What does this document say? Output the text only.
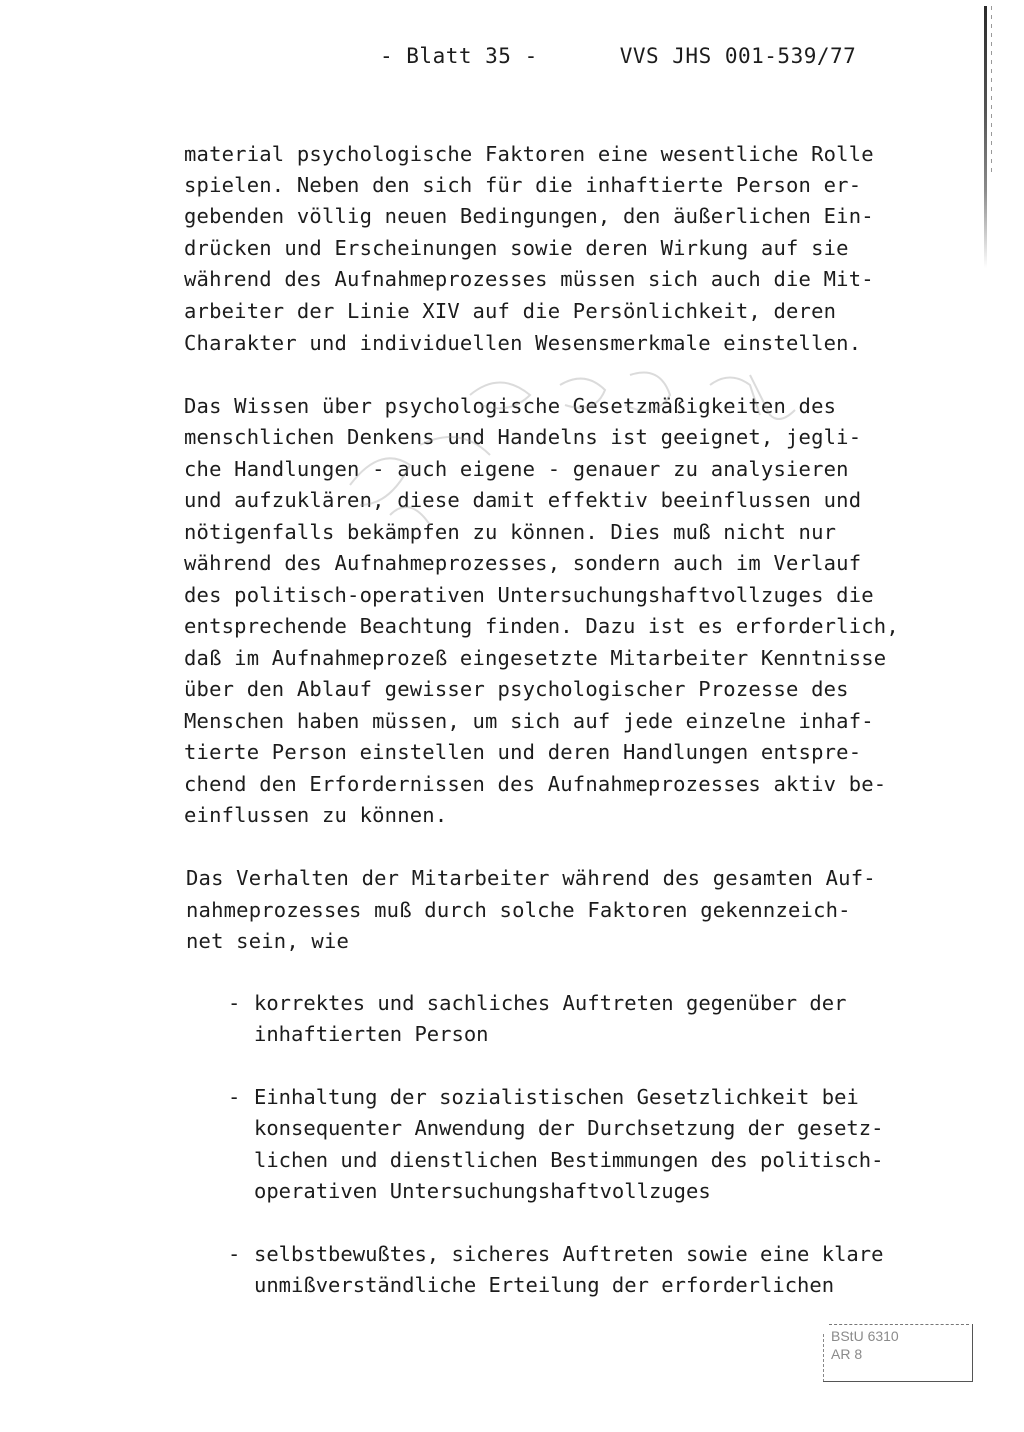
- Blatt 35 -	VVS JHS 001-539/77
material psychologische Faktoren eine wesentliche Rolle
spielen. Neben den sich für die inhaftierte Person er-
gebenden völlig neuen Bedingungen, den äußerlichen Ein-
drücken und Erscheinungen sowie deren Wirkung auf sie
während des Aufnahmeprozesses müssen sich auch die Mit-
arbeiter der Linie XIV auf die Persönlichkeit, deren
Charakter und individuellen Wesensmerkmale einstellen.
Das Wissen über psychologische Gesetzmäßigkeiten des
menschlichen Denkens und Handelns ist geeignet, jegli-
che Handlungen - auch eigene - genauer zu analysieren
und aufzuklären, diese damit effektiv beeinflussen und
nötigenfalls bekämpfen zu können. Dies muß nicht nur
während des Aufnahmeprozesses, sondern auch im Verlauf
des politisch-operativen Untersuchungshaftvollzuges die
entsprechende Beachtung finden. Dazu ist es erforderlich,
daß im Aufnahmeprozeß eingesetzte Mitarbeiter Kenntnisse
über den Ablauf gewisser psychologischer Prozesse des
Menschen haben müssen, um sich auf jede einzelne inhaf-
tierte Person einstellen und deren Handlungen entspre-
chend den Erfordernissen des Aufnahmeprozesses aktiv be-
einflussen zu können.
Das Verhalten der Mitarbeiter während des gesamten Auf-
nahmeprozesses muß durch solche Faktoren gekennzeich-
net sein, wie
- korrektes und sachliches Auftreten gegenüber der
inhaftierten Person
- Einhaltung der sozialistischen Gesetzlichkeit bei
konsequenter Anwendung der Durchsetzung der gesetz-
lichen und dienstlichen Bestimmungen des politisch-
operativen Untersuchungshaftvollzuges
- selbstbewußtes, sicheres Auftreten sowie eine klare
unmißverständliche Erteilung der erforderlichen
BStU 6310
AR 8
